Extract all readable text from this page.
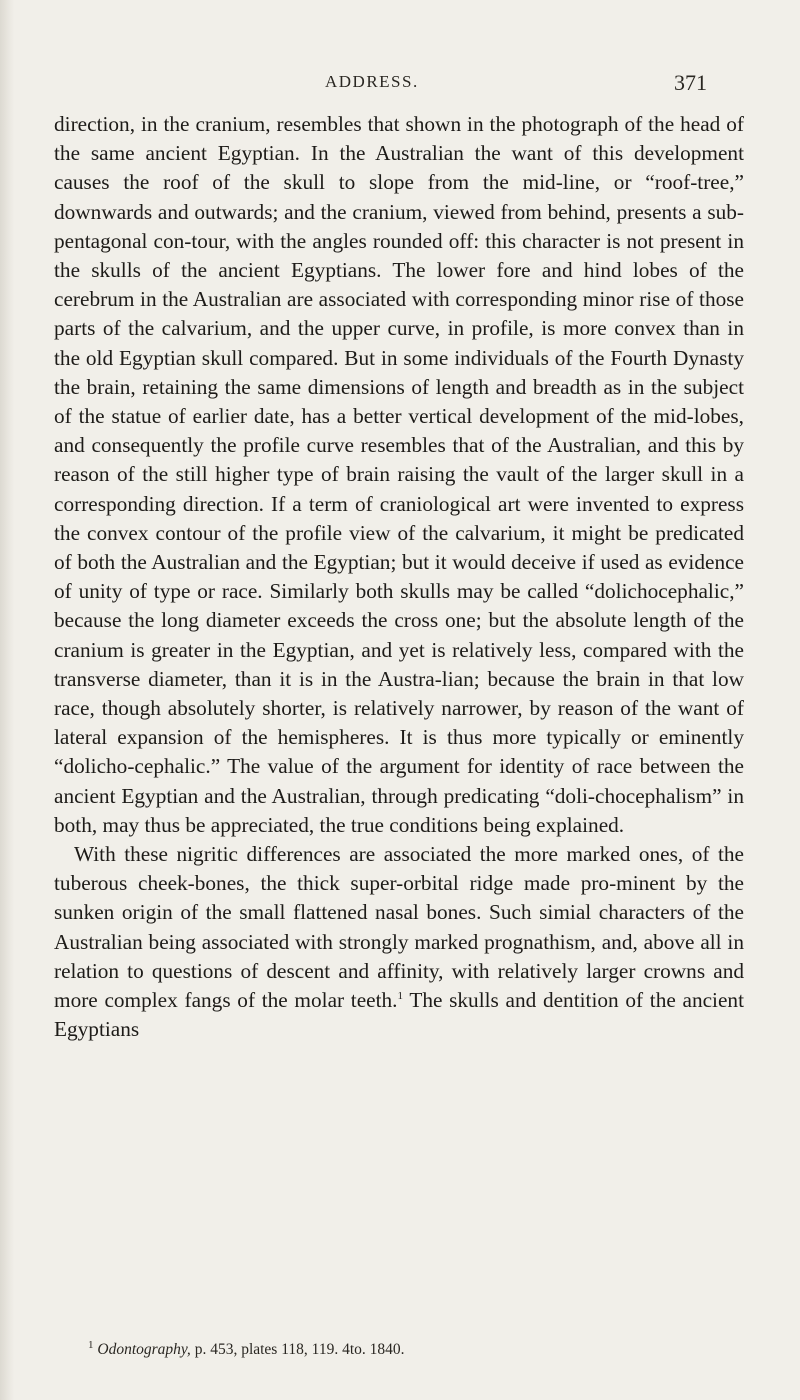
ADDRESS.	371

direction, in the cranium, resembles that shown in the photograph of the head of the same ancient Egyptian. In the Australian the want of this development causes the roof of the skull to slope from the mid-line, or “roof-tree,” downwards and outwards; and the cranium, viewed from behind, presents a sub-pentagonal con-tour, with the angles rounded off: this character is not present in the skulls of the ancient Egyptians. The lower fore and hind lobes of the cerebrum in the Australian are associated with corresponding minor rise of those parts of the calvarium, and the upper curve, in profile, is more convex than in the old Egyptian skull compared. But in some individuals of the Fourth Dynasty the brain, retaining the same dimensions of length and breadth as in the subject of the statue of earlier date, has a better vertical development of the mid-lobes, and consequently the profile curve resembles that of the Australian, and this by reason of the still higher type of brain raising the vault of the larger skull in a corresponding direction. If a term of craniological art were invented to express the convex contour of the profile view of the calvarium, it might be predicated of both the Australian and the Egyptian; but it would deceive if used as evidence of unity of type or race. Similarly both skulls may be called “dolichocephalic,” because the long diameter exceeds the cross one; but the absolute length of the cranium is greater in the Egyptian, and yet is relatively less, compared with the transverse diameter, than it is in the Austra-lian; because the brain in that low race, though absolutely shorter, is relatively narrower, by reason of the want of lateral expansion of the hemispheres. It is thus more typically or eminently “dolicho-cephalic.” The value of the argument for identity of race between the ancient Egyptian and the Australian, through predicating “doli-chocephalism” in both, may thus be appreciated, the true conditions being explained.

With these nigritic differences are associated the more marked ones, of the tuberous cheek-bones, the thick super-orbital ridge made pro-minent by the sunken origin of the small flattened nasal bones. Such simial characters of the Australian being associated with strongly marked prognathism, and, above all in relation to questions of descent and affinity, with relatively larger crowns and more complex fangs of the molar teeth.$^1$ The skulls and dentition of the ancient Egyptians

$^1$ Odontography, p. 453, plates 118, 119. 4to. 1840.
